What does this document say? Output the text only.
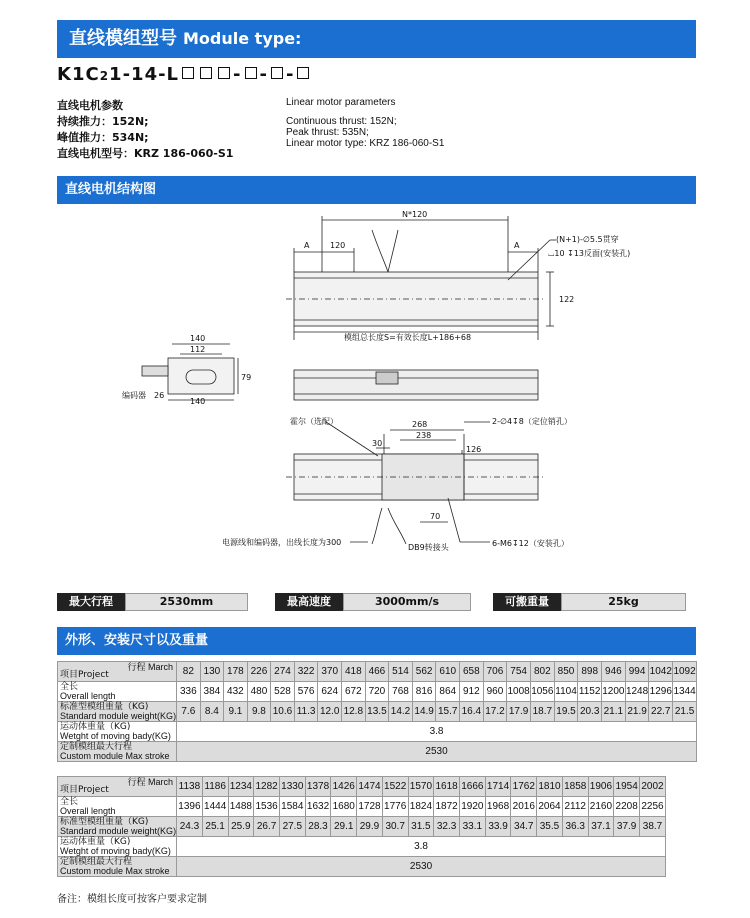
直线模组型号 Module type:
K1C21-14-L	- - -
直线电机参数
持续推力：152N;
峰值推力：534N;
直线电机型号：KRZ 186-060-S1
Linear motor parameters
Continuous thrust: 152N;
Peak thrust: 535N;
Linear motor type: KRZ 186-060-S1
直线电机结构图
N*120
A	120	A
(N+1)-∅5.5贯穿
⌴10 ↧13反面(安装孔)
122
模组总长度S=有效长度L+186+68
140
112
79
编码器 26
140
霍尔（选配）	268
238
2-∅4↧8（定位销孔）
30
126
70
电源线和编码器，出线长度为300
DB9转接头	6-M6↧12（安装孔）
最大行程	2530mm	最高速度	3000mm/s	可搬重量	25kg
外形、安装尺寸以及重量
行程 March
项目Project	82	130	178	226	274	322	370	418	466	514	562	610	658	706	754	802	850	898	946	994	1042	1092

全长
Overall length	336	384	432	480	528	576	624	672	720	768	816	864	912	960	1008	1056	1104	1152	1200	1248	1296	1344

标准型模组重量（KG)
Standard module weight(KG)	7.6	8.4	9.1	9.8	10.6	11.3	12.0	12.8	13.5	14.2	14.9	15.7	16.4	17.2	17.9	18.7	19.5	20.3	21.1	21.9	22.7	21.5

运动体重量（KG)
Wetght of moving bady(KG)	3.8																					

定制模组最大行程
Custom module Max stroke	2530																					
行程 March
项目Project	1138	1186	1234	1282	1330	1378	1426	1474	1522	1570	1618	1666	1714	1762	1810	1858	1906	1954	2002

全长
Overall length	1396	1444	1488	1536	1584	1632	1680	1728	1776	1824	1872	1920	1968	2016	2064	2112	2160	2208	2256

标准型模组重量（KG)
Standard module weight(KG)	24.3	25.1	25.9	26.7	27.5	28.3	29.1	29.9	30.7	31.5	32.3	33.1	33.9	34.7	35.5	36.3	37.1	37.9	38.7

运动体重量（KG)
Wetght of moving bady(KG)	3.8																		

定制模组最大行程
Custom module Max stroke	2530																		
备注：模组长度可按客户要求定制
